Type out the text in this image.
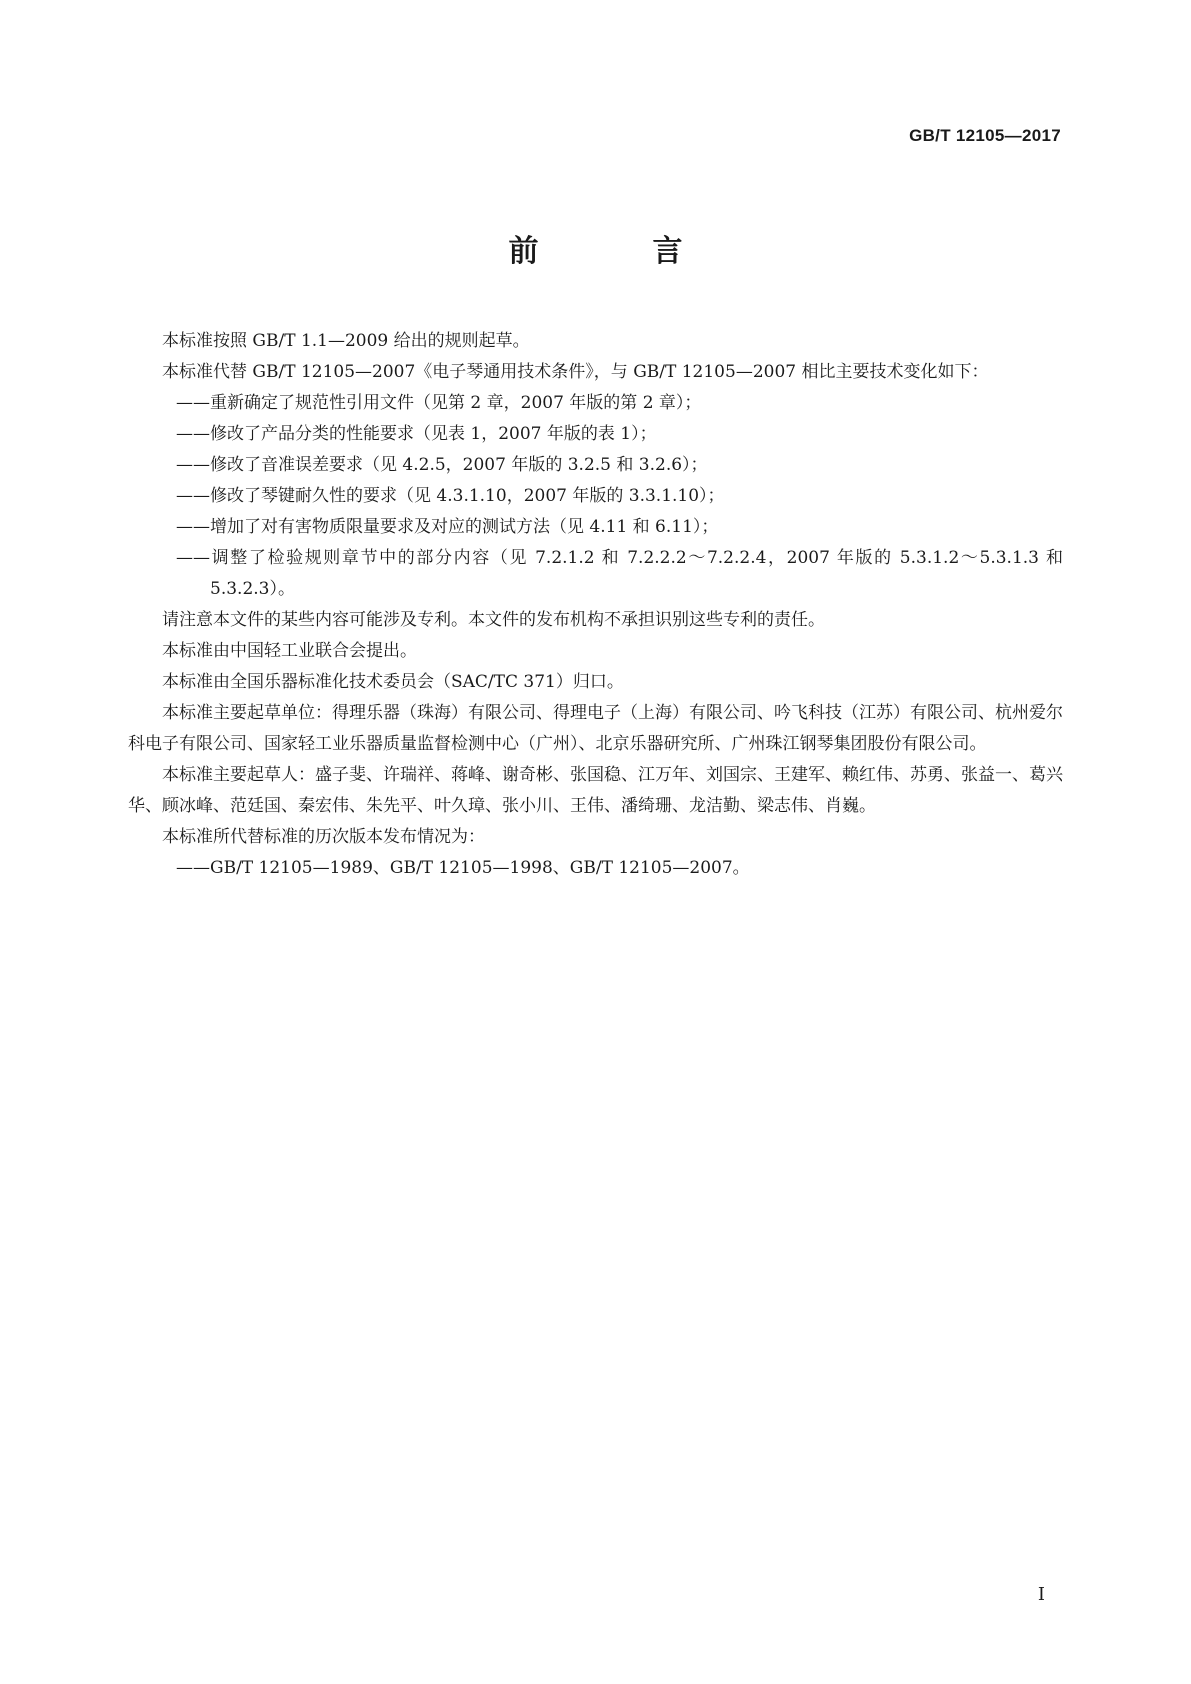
GB/T 12105—2017
前　言

本标准按照 GB/T 1.1—2009 给出的规则起草。

本标准代替 GB/T 12105—2007《电子琴通用技术条件》，与 GB/T 12105—2007 相比主要技术变化如下：

——重新确定了规范性引用文件（见第 2 章，2007 年版的第 2 章）；

——修改了产品分类的性能要求（见表 1，2007 年版的表 1）；

——修改了音准误差要求（见 4.2.5，2007 年版的 3.2.5 和 3.2.6）；

——修改了琴键耐久性的要求（见 4.3.1.10，2007 年版的 3.3.1.10）；

——增加了对有害物质限量要求及对应的测试方法（见 4.11 和 6.11）；

——调整了检验规则章节中的部分内容（见 7.2.1.2 和 7.2.2.2～7.2.2.4，2007 年版的 5.3.1.2～5.3.1.3 和 5.3.2.3）。

请注意本文件的某些内容可能涉及专利。本文件的发布机构不承担识别这些专利的责任。

本标准由中国轻工业联合会提出。

本标准由全国乐器标准化技术委员会（SAC/TC 371）归口。

本标准主要起草单位：得理乐器（珠海）有限公司、得理电子（上海）有限公司、吟飞科技（江苏）有限公司、杭州爱尔科电子有限公司、国家轻工业乐器质量监督检测中心（广州）、北京乐器研究所、广州珠江钢琴集团股份有限公司。

本标准主要起草人：盛子斐、许瑞祥、蒋峰、谢奇彬、张国稳、江万年、刘国宗、王建军、赖红伟、苏勇、张益一、葛兴华、顾冰峰、范廷国、秦宏伟、朱先平、叶久璋、张小川、王伟、潘绮珊、龙洁勤、梁志伟、肖巍。

本标准所代替标准的历次版本发布情况为：

——GB/T 12105—1989、GB/T 12105—1998、GB/T 12105—2007。

I
